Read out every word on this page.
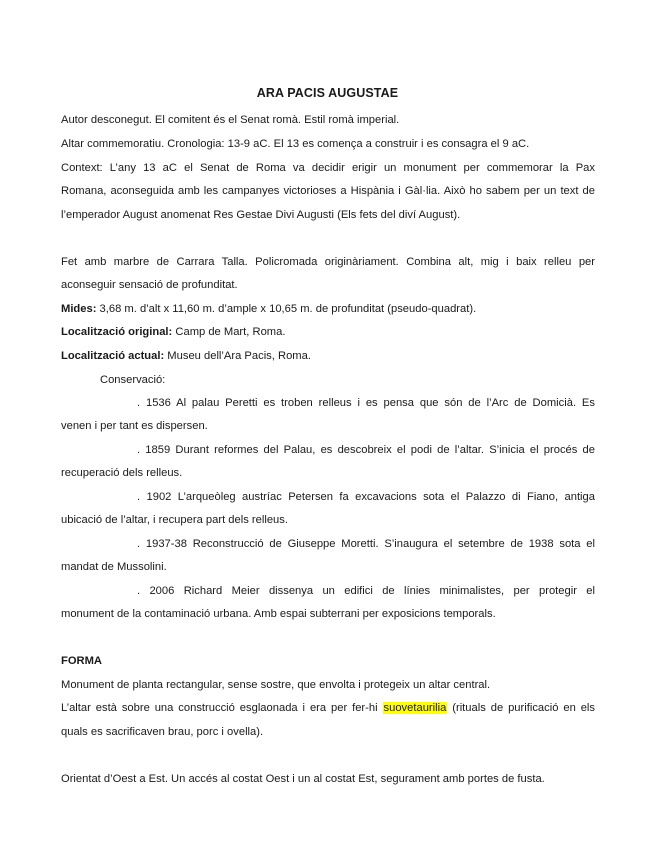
ARA PACIS AUGUSTAE
Autor desconegut. El comitent és el Senat romà. Estil romà imperial.
Altar commemoratiu. Cronologia: 13-9 aC. El 13 es comença a construir i es consagra el 9 aC.
Context: L’any 13 aC el Senat de Roma va decidir erigir un monument per commemorar la Pax
Romana, aconseguida amb les campanyes victorioses a Hispània i Gàl·lia. Això ho sabem per un text de
l’emperador August anomenat Res Gestae Divi Augusti (Els fets del diví August).
Fet amb marbre de Carrara Talla. Policromada originàriament. Combina alt, mig i baix relleu per
aconseguir sensació de profunditat.
Mides: 3,68 m. d’alt x 11,60 m. d’ample x 10,65 m. de profunditat (pseudo-quadrat).
Localització original: Camp de Mart, Roma.
Localització actual: Museu dell’Ara Pacis, Roma.
Conservació:
. 1536 Al palau Peretti es troben relleus i es pensa que són de l’Arc de Domicià. Es
venen i per tant es dispersen.
. 1859 Durant reformes del Palau, es descobreix el podi de l’altar. S’inicia el procés de
recuperació dels relleus.
. 1902 L’arqueòleg austríac Petersen fa excavacions sota el Palazzo di Fiano, antiga
ubicació de l’altar, i recupera part dels relleus.
. 1937-38 Reconstrucció de Giuseppe Moretti. S’inaugura el setembre de 1938 sota el
mandat de Mussolini.
. 2006 Richard Meier dissenya un edifici de línies minimalistes, per protegir el
monument de la contaminació urbana. Amb espai subterrani per exposicions temporals.
FORMA
Monument de planta rectangular, sense sostre, que envolta i protegeix un altar central.
L’altar està sobre una construcció esglaonada i era per fer-hi suovetaurilia (rituals de purificació en els
quals es sacrificaven brau, porc i ovella).
Orientat d’Oest a Est. Un accés al costat Oest i un al costat Est, segurament amb portes de fusta.
